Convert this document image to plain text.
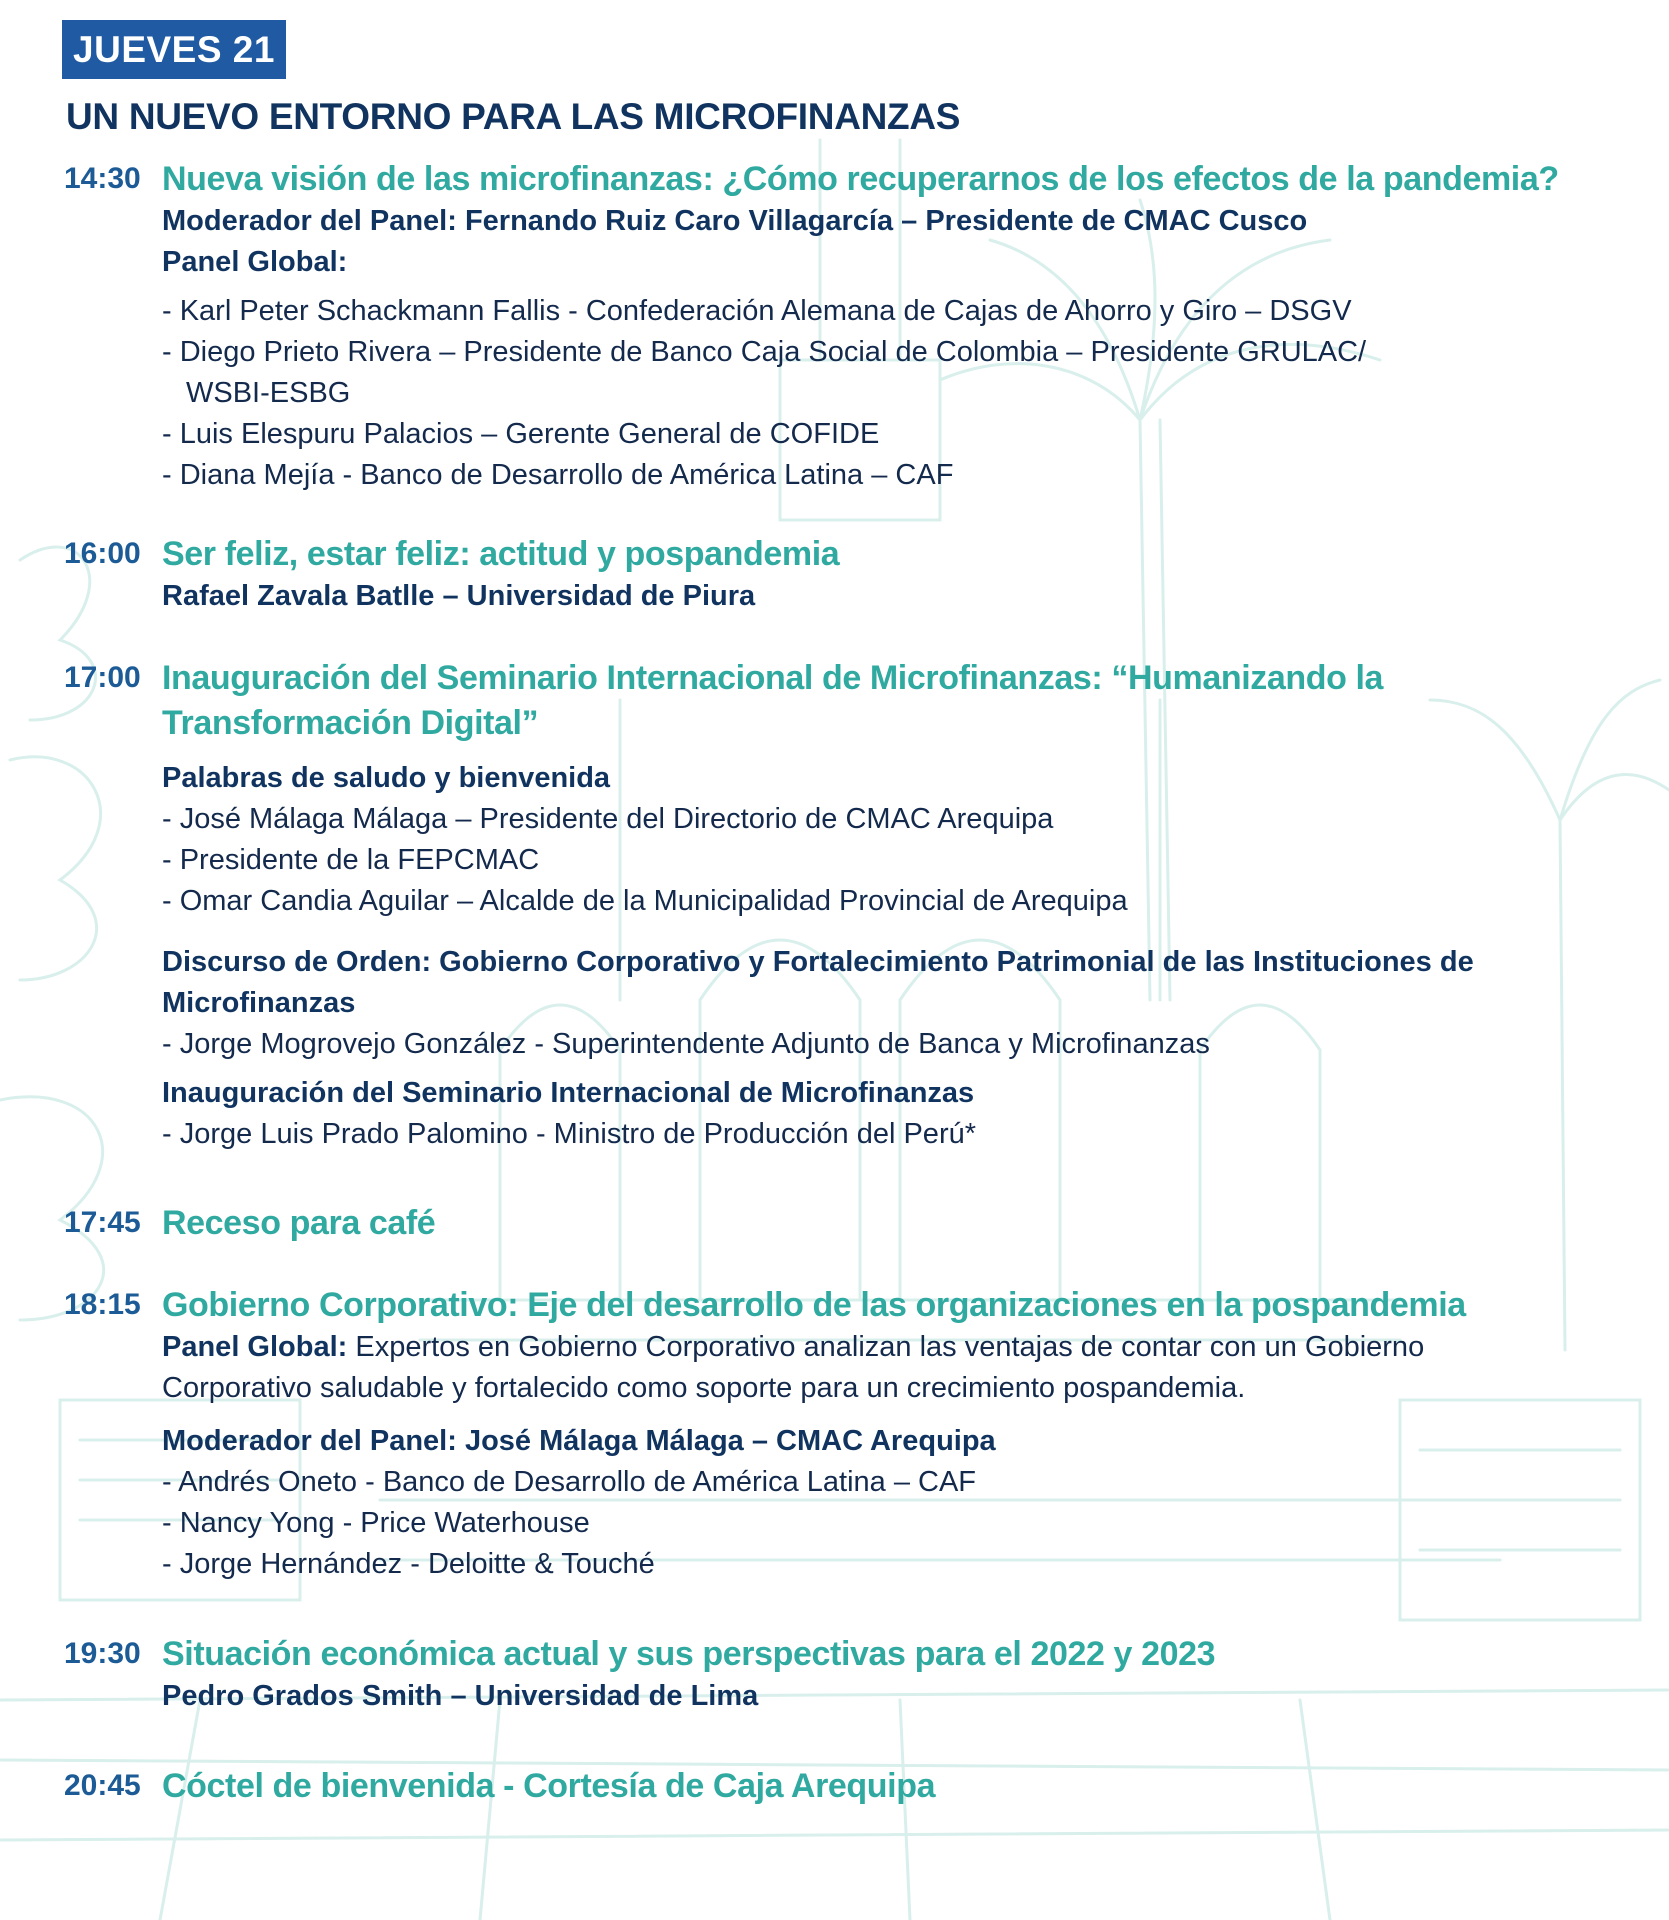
JUEVES 21
UN NUEVO ENTORNO PARA LAS MICROFINANZAS
14:30 Nueva visión de las microfinanzas: ¿Cómo recuperarnos de los efectos de la pandemia?
Moderador del Panel: Fernando Ruiz Caro Villagarcía – Presidente de CMAC Cusco
Panel Global:
- Karl Peter Schackmann Fallis - Confederación Alemana de Cajas de Ahorro y Giro – DSGV
- Diego Prieto Rivera – Presidente de Banco Caja Social de Colombia – Presidente GRULAC/
WSBI-ESBG
- Luis Elespuru Palacios – Gerente General de COFIDE
- Diana Mejía - Banco de Desarrollo de América Latina – CAF
16:00 Ser feliz, estar feliz: actitud y pospandemia
Rafael Zavala Batlle – Universidad de Piura
17:00 Inauguración del Seminario Internacional de Microfinanzas: “Humanizando la Transformación Digital”
Palabras de saludo y bienvenida
- José Málaga Málaga – Presidente del Directorio de CMAC Arequipa
- Presidente de la FEPCMAC
- Omar Candia Aguilar – Alcalde de la Municipalidad Provincial de Arequipa
Discurso de Orden: Gobierno Corporativo y Fortalecimiento Patrimonial de las Instituciones de Microfinanzas
- Jorge Mogrovejo González - Superintendente Adjunto de Banca y Microfinanzas
Inauguración del Seminario Internacional de Microfinanzas
- Jorge Luis Prado Palomino - Ministro de Producción del Perú*
17:45 Receso para café
18:15 Gobierno Corporativo: Eje del desarrollo de las organizaciones en la pospandemia
Panel Global: Expertos en Gobierno Corporativo analizan las ventajas de contar con un Gobierno Corporativo saludable y fortalecido como soporte para un crecimiento pospandemia.
Moderador del Panel: José Málaga Málaga – CMAC Arequipa
- Andrés Oneto - Banco de Desarrollo de América Latina – CAF
- Nancy Yong - Price Waterhouse
- Jorge Hernández - Deloitte & Touché
19:30 Situación económica actual y sus perspectivas para el 2022 y 2023
Pedro Grados Smith – Universidad de Lima
20:45 Cóctel de bienvenida - Cortesía de Caja Arequipa
